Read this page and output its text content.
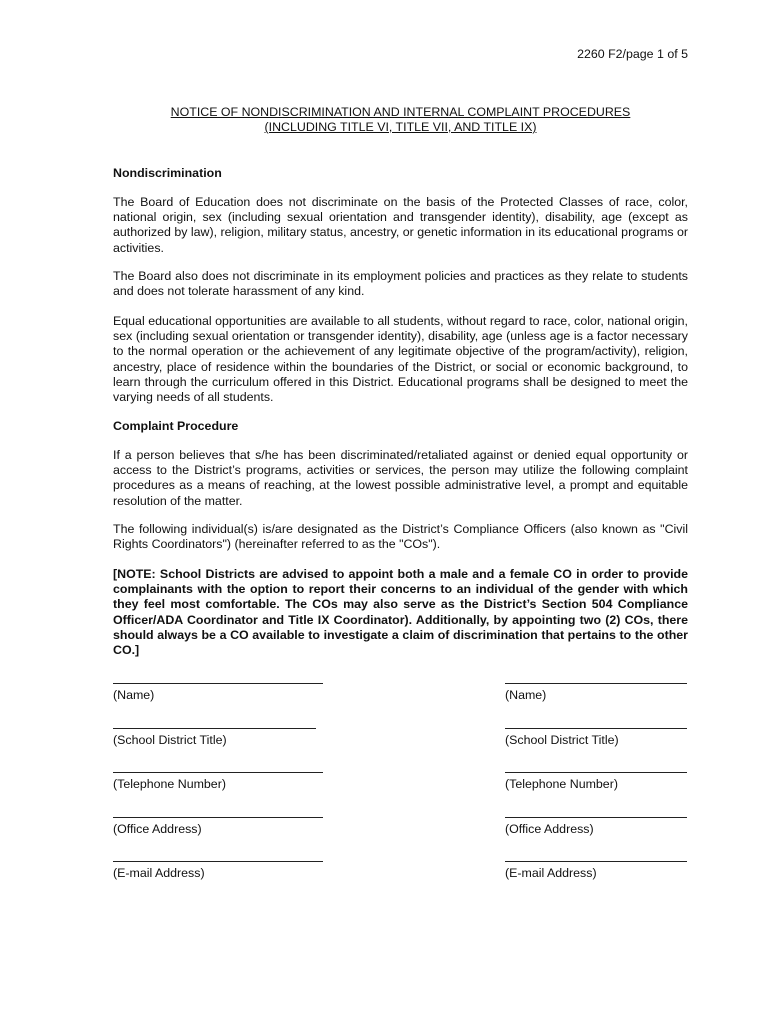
2260 F2/page 1 of 5
NOTICE OF NONDISCRIMINATION AND INTERNAL COMPLAINT PROCEDURES
(INCLUDING TITLE VI, TITLE VII, AND TITLE IX)
Nondiscrimination

The Board of Education does not discriminate on the basis of the Protected Classes of race, color, national origin, sex (including sexual orientation and transgender identity), disability, age (except as authorized by law), religion, military status, ancestry, or genetic information in its educational programs or activities.

The Board also does not discriminate in its employment policies and practices as they relate to students and does not tolerate harassment of any kind.

Equal educational opportunities are available to all students, without regard to race, color, national origin, sex (including sexual orientation or transgender identity), disability, age (unless age is a factor necessary to the normal operation or the achievement of any legitimate objective of the program/activity), religion, ancestry, place of residence within the boundaries of the District, or social or economic background, to learn through the curriculum offered in this District. Educational programs shall be designed to meet the varying needs of all students.

Complaint Procedure

If a person believes that s/he has been discriminated/retaliated against or denied equal opportunity or access to the District’s programs, activities or services, the person may utilize the following complaint procedures as a means of reaching, at the lowest possible administrative level, a prompt and equitable resolution of the matter.

The following individual(s) is/are designated as the District’s Compliance Officers (also known as "Civil Rights Coordinators") (hereinafter referred to as the "COs").

[NOTE: School Districts are advised to appoint both a male and a female CO in order to provide complainants with the option to report their concerns to an individual of the gender with which they feel most comfortable. The COs may also serve as the District’s Section 504 Compliance Officer/ADA Coordinator and Title IX Coordinator). Additionally, by appointing two (2) COs, there should always be a CO available to investigate a claim of discrimination that pertains to the other CO.]

(Name)
(School District Title)
(Telephone Number)
(Office Address)
(E-mail Address)
(Name)
(School District Title)
(Telephone Number)
(Office Address)
(E-mail Address)
